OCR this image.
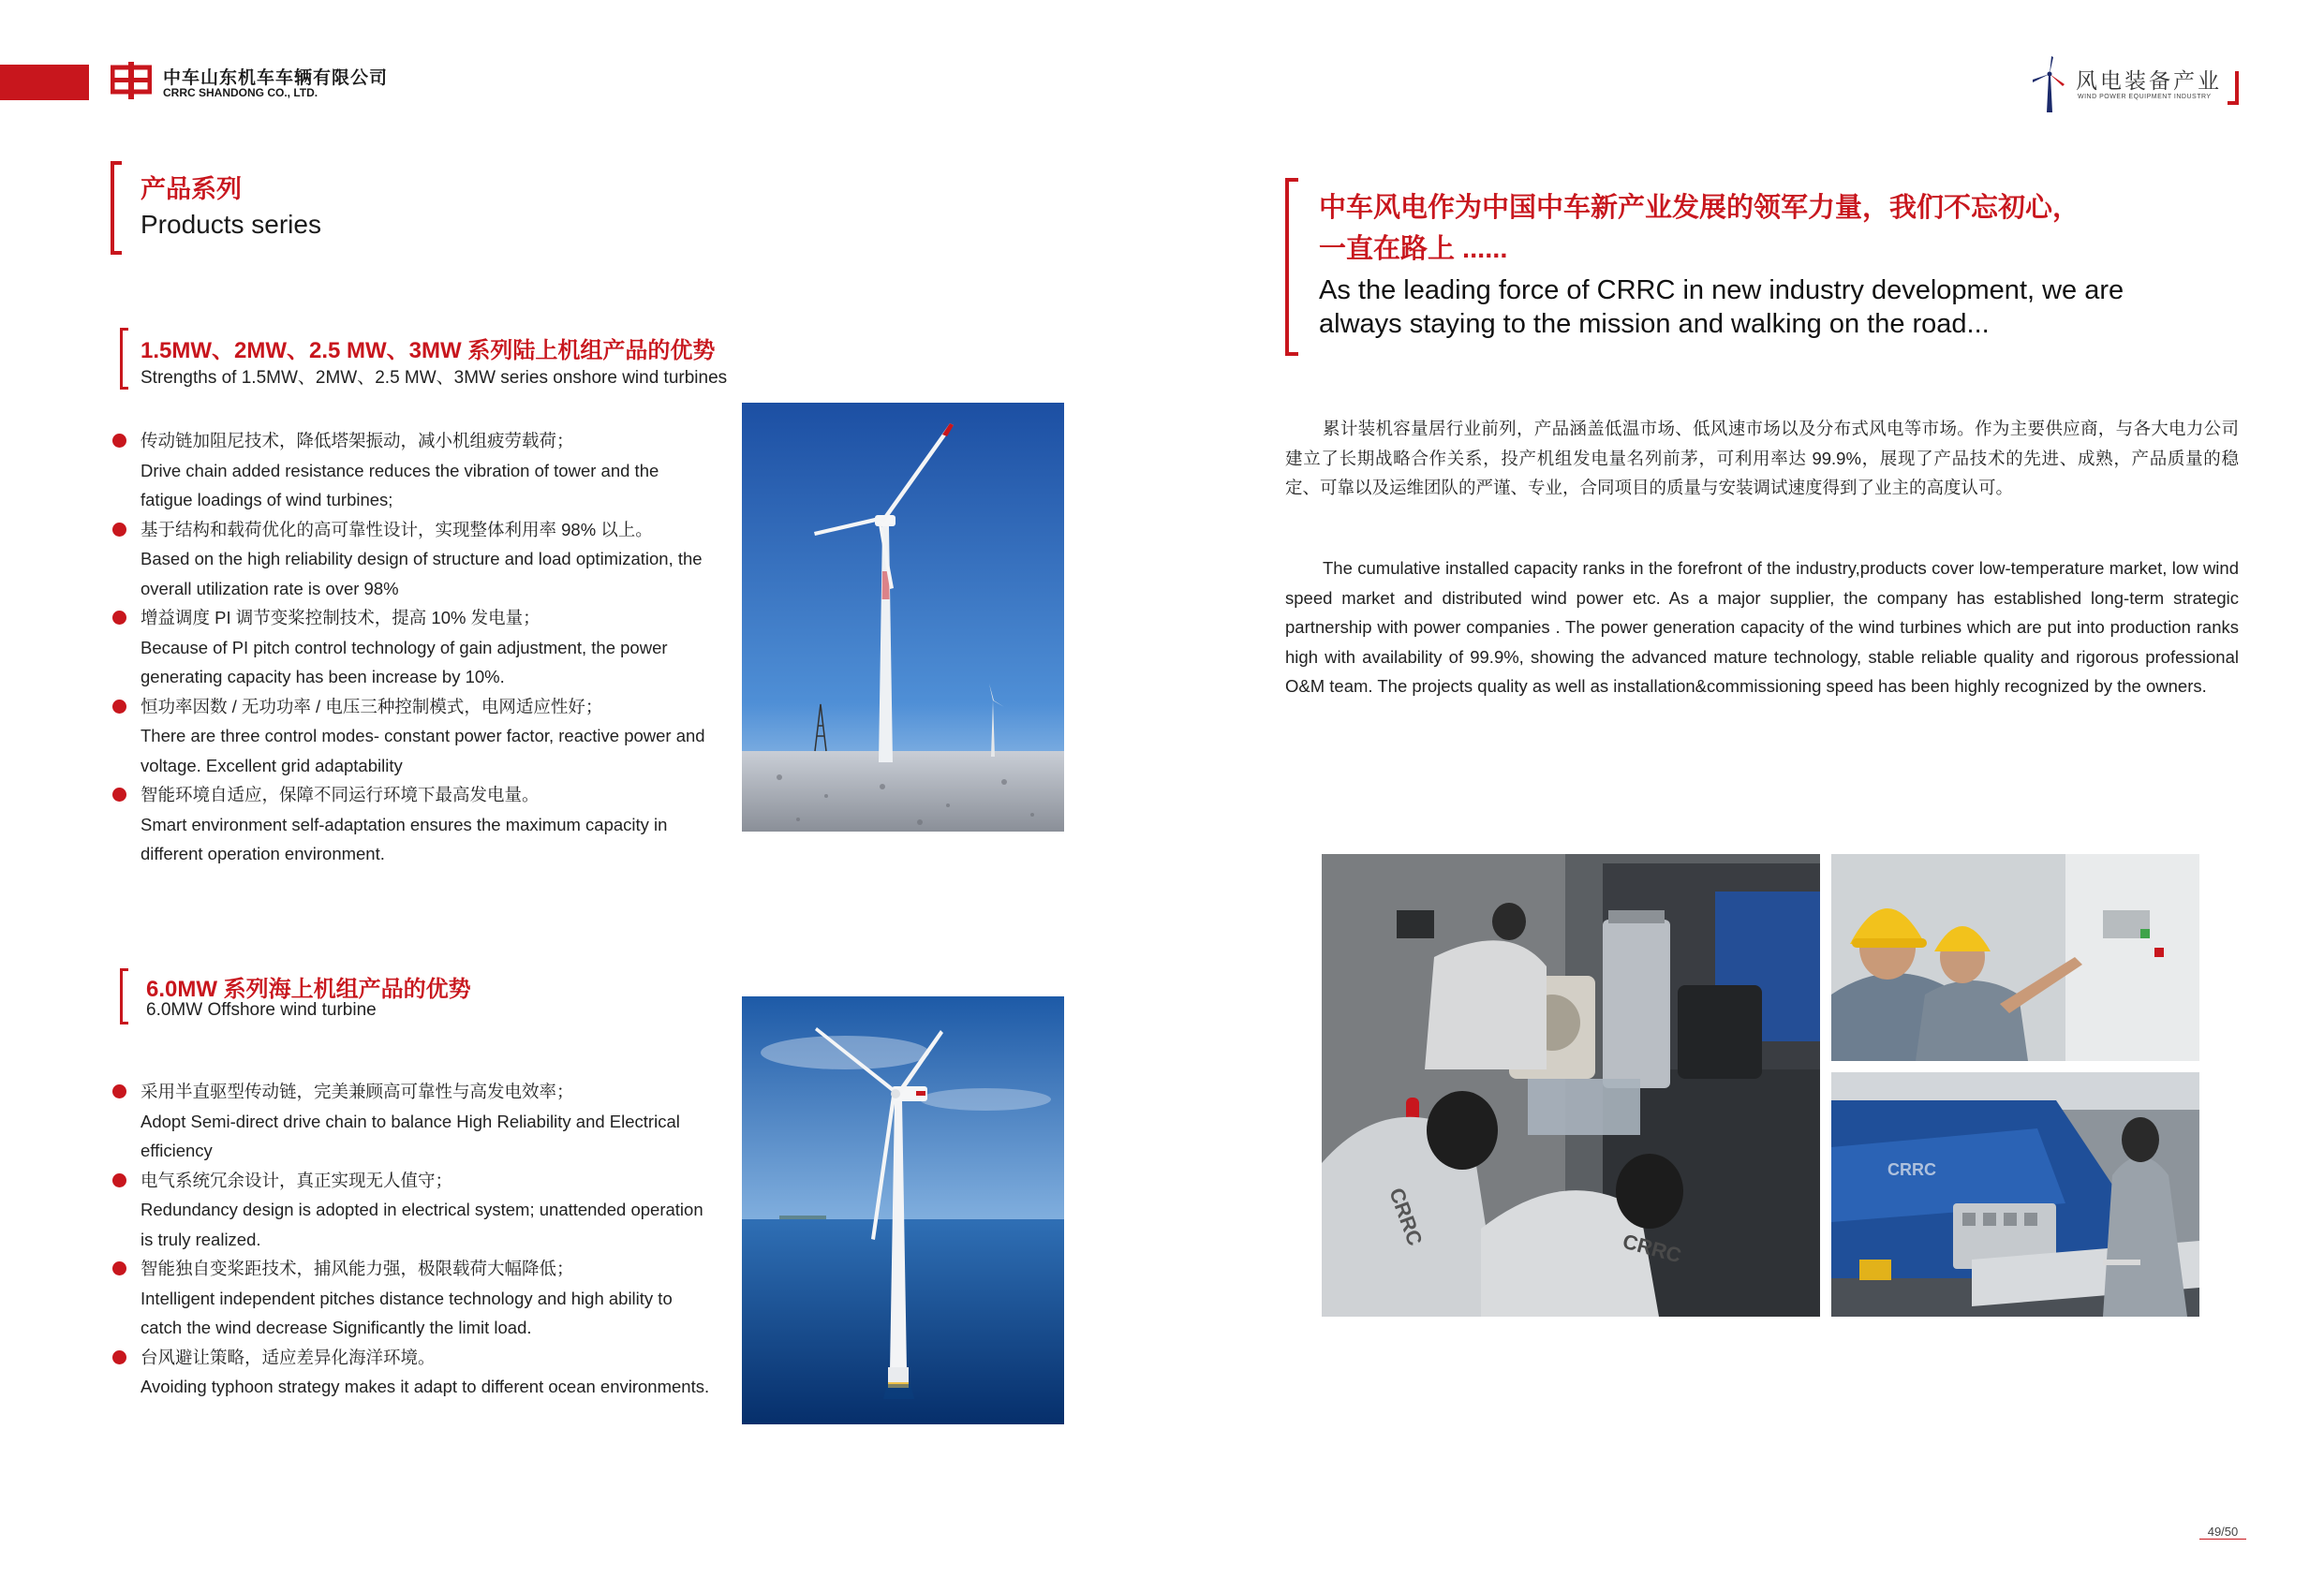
中车山东机车车辆有限公司
CRRC SHANDONG CO., LTD.	风电装备产业
WIND POWER EQUIPMENT INDUSTRY
产品系列
Products series
1.5MW、2MW、2.5 MW、3MW 系列陆上机组产品的优势
Strengths of 1.5MW、2MW、2.5 MW、3MW series onshore wind turbines
传动链加阻尼技术，降低塔架振动，减小机组疲劳载荷；
Drive chain added resistance reduces the vibration of tower and the fatigue loadings of wind turbines;
基于结构和载荷优化的高可靠性设计，实现整体利用率 98% 以上。
Based on the high reliability design of structure and load optimization, the overall utilization rate is over 98%
增益调度 PI 调节变桨控制技术，提高 10% 发电量；
Because of PI pitch control technology of gain adjustment, the power generating capacity has been increase by 10%.
恒功率因数 / 无功功率 / 电压三种控制模式，电网适应性好；
There are three control modes- constant power factor, reactive power and voltage. Excellent grid adaptability
智能环境自适应，保障不同运行环境下最高发电量。
Smart environment self-adaptation ensures the maximum capacity in different operation environment.
6.0MW 系列海上机组产品的优势
6.0MW Offshore wind turbine
采用半直驱型传动链，完美兼顾高可靠性与高发电效率；
Adopt Semi-direct drive chain to balance High Reliability and Electrical efficiency
电气系统冗余设计，真正实现无人值守；
Redundancy design is adopted in electrical system; unattended operation is truly realized.
智能独自变桨距技术，捕风能力强，极限载荷大幅降低；
Intelligent independent pitches distance technology and high ability to catch the wind decrease Significantly the limit load.
台风避让策略，适应差异化海洋环境。
Avoiding typhoon strategy makes it adapt to different ocean environments.
中车风电作为中国中车新产业发展的领军力量，我们不忘初心，
一直在路上 ......
As the leading force of CRRC in new industry development, we are always staying to the mission and walking on the road...
累计装机容量居行业前列，产品涵盖低温市场、低风速市场以及分布式风电等市场。作为主要供应商，与各大电力公司建立了长期战略合作关系，投产机组发电量名列前茅，可利用率达 99.9%，展现了产品技术的先进、成熟，产品质量的稳定、可靠以及运维团队的严谨、专业，合同项目的质量与安装调试速度得到了业主的高度认可。
The cumulative installed capacity ranks in the forefront of the industry,products cover low-temperature market, low wind speed market and distributed wind power etc. As a major supplier, the company has established long-term strategic partnership with power companies . The power generation capacity of the wind turbines which are put into production ranks high with availability of 99.9%, showing the advanced mature technology, stable reliable quality and rigorous professional O&M team. The projects quality as well as installation&commissioning speed has been highly recognized by the owners.
CRRC	CRRC
CRRC
49/50
